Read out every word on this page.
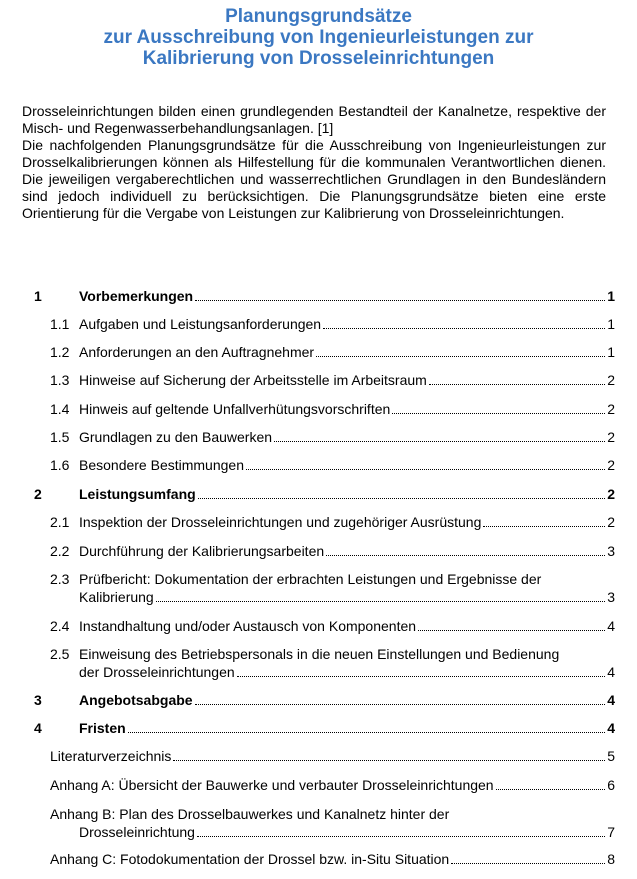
Planungsgrundsätze
zur Ausschreibung von Ingenieurleistungen zur
Kalibrierung von Drosseleinrichtungen

Drosseleinrichtungen bilden einen grundlegenden Bestandteil der Kanalnetze, respektive der Misch- und Regenwasserbehandlungsanlagen. [1]

Die nachfolgenden Planungsgrundsätze für die Ausschreibung von Ingenieurleistungen zur Drosselkalibrierungen können als Hilfestellung für die kommunalen Verantwortlichen dienen. Die jeweiligen vergaberechtlichen und wasserrechtlichen Grundlagen in den Bundesländern sind jedoch individuell zu berücksichtigen. Die Planungsgrundsätze bieten eine erste Orientierung für die Vergabe von Leistungen zur Kalibrierung von Drosseleinrichtungen.

1	Vorbemerkungen	1
1.1 Aufgaben und Leistungsanforderungen	1
1.2 Anforderungen an den Auftragnehmer	1
1.3 Hinweise auf Sicherung der Arbeitsstelle im Arbeitsraum	2
1.4 Hinweis auf geltende Unfallverhütungsvorschriften	2
1.5 Grundlagen zu den Bauwerken	2
1.6 Besondere Bestimmungen	2
2	Leistungsumfang	2
2.1 Inspektion der Drosseleinrichtungen und zugehöriger Ausrüstung	2
2.2 Durchführung der Kalibrierungsarbeiten	3
2.3 Prüfbericht: Dokumentation der erbrachten Leistungen und Ergebnisse der
Kalibrierung	3
2.4 Instandhaltung und/oder Austausch von Komponenten	4
2.5 Einweisung des Betriebspersonals in die neuen Einstellungen und Bedienung
der Drosseleinrichtungen	4
3	Angebotsabgabe	4
4	Fristen	4
Literaturverzeichnis	5
Anhang A: Übersicht der Bauwerke und verbauter Drosseleinrichtungen	6
Anhang B: Plan des Drosselbauwerkes und Kanalnetz hinter der
Drosseleinrichtung	7
Anhang C: Fotodokumentation der Drossel bzw. in-Situ Situation	8
